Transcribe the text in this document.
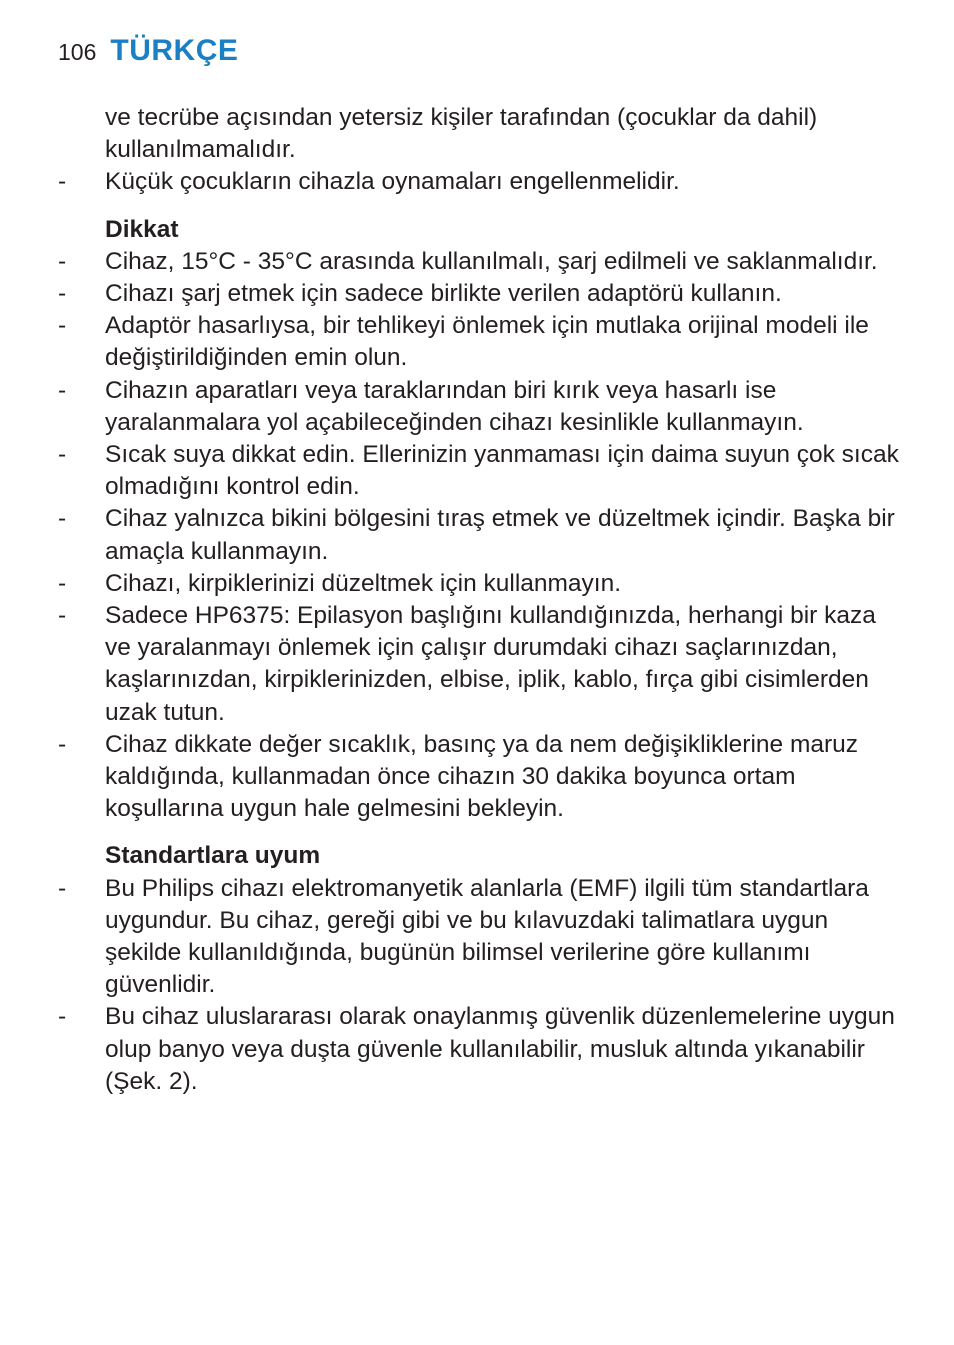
106 TÜRKÇE
ve tecrübe açısından yetersiz kişiler tarafından (çocuklar da dahil) kullanılmamalıdır.
-	Küçük çocukların cihazla oynamaları engellenmelidir.
Dikkat
-	Cihaz, 15°C - 35°C arasında kullanılmalı, şarj edilmeli ve saklanmalıdır.
-	Cihazı şarj etmek için sadece birlikte verilen adaptörü kullanın.
-	Adaptör hasarlıysa, bir tehlikeyi önlemek için mutlaka orijinal modeli ile değiştirildiğinden emin olun.
-	Cihazın aparatları veya taraklarından biri kırık veya hasarlı ise yaralanmalara yol açabileceğinden cihazı kesinlikle kullanmayın.
-	Sıcak suya dikkat edin. Ellerinizin yanmaması için daima suyun çok sıcak olmadığını kontrol edin.
-	Cihaz yalnızca bikini bölgesini tıraş etmek ve düzeltmek içindir. Başka bir amaçla kullanmayın.
-	Cihazı, kirpiklerinizi düzeltmek için kullanmayın.
-	Sadece HP6375: Epilasyon başlığını kullandığınızda, herhangi bir kaza ve yaralanmayı önlemek için çalışır durumdaki cihazı saçlarınızdan, kaşlarınızdan, kirpiklerinizden, elbise, iplik, kablo, fırça gibi cisimlerden uzak tutun.
-	Cihaz dikkate değer sıcaklık, basınç ya da nem değişikliklerine maruz kaldığında, kullanmadan önce cihazın 30 dakika boyunca ortam koşullarına uygun hale gelmesini bekleyin.
Standartlara uyum
-	Bu Philips cihazı elektromanyetik alanlarla (EMF) ilgili tüm standartlara uygundur. Bu cihaz, gereği gibi ve bu kılavuzdaki talimatlara uygun şekilde kullanıldığında, bugünün bilimsel verilerine göre kullanımı güvenlidir.
-	Bu cihaz uluslararası olarak onaylanmış güvenlik düzenlemelerine uygun olup banyo veya duşta güvenle kullanılabilir, musluk altında yıkanabilir (Şek. 2).
